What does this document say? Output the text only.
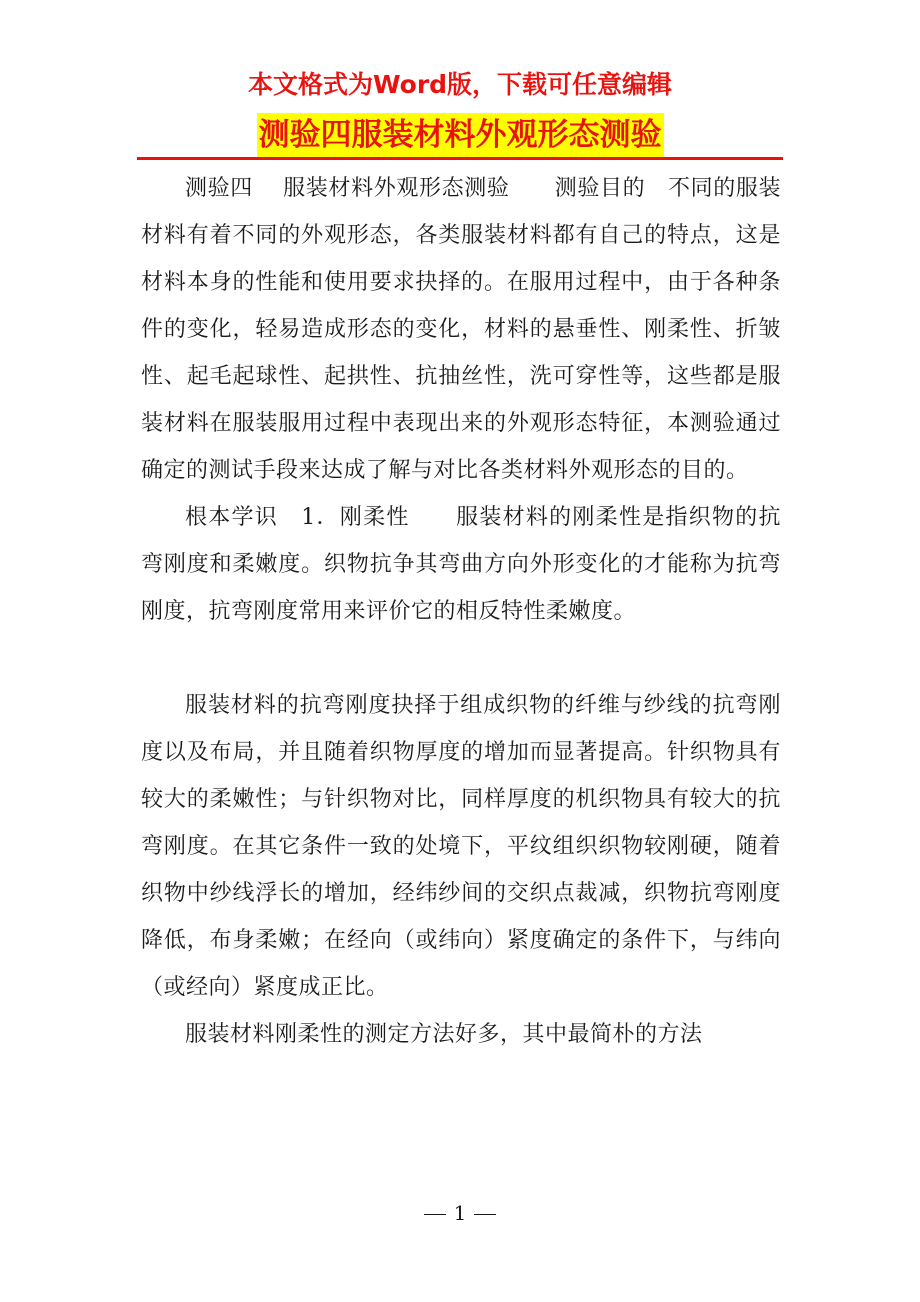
本文格式为Word版，下载可任意编辑
测验四服装材料外观形态测验

测验四　 服装材料外观形态测验　　测验目的　不同的服装材料有着不同的外观形态，各类服装材料都有自己的特点，这是材料本身的性能和使用要求抉择的。在服用过程中，由于各种条件的变化，轻易造成形态的变化，材料的悬垂性、刚柔性、折皱性、起毛起球性、起拱性、抗抽丝性，洗可穿性等，这些都是服装材料在服装服用过程中表现出来的外观形态特征，本测验通过确定的测试手段来达成了解与对比各类材料外观形态的目的。

根本学识　1．刚柔性　　服装材料的刚柔性是指织物的抗弯刚度和柔嫩度。织物抗争其弯曲方向外形变化的才能称为抗弯刚度，抗弯刚度常用来评价它的相反特性柔嫩度。

服装材料的抗弯刚度抉择于组成织物的纤维与纱线的抗弯刚度以及布局，并且随着织物厚度的增加而显著提高。针织物具有较大的柔嫩性；与针织物对比，同样厚度的机织物具有较大的抗弯刚度。在其它条件一致的处境下，平纹组织织物较刚硬，随着织物中纱线浮长的增加，经纬纱间的交织点裁减，织物抗弯刚度降低，布身柔嫩；在经向（或纬向）紧度确定的条件下，与纬向（或经向）紧度成正比。

服装材料刚柔性的测定方法好多，其中最简朴的方法

1
